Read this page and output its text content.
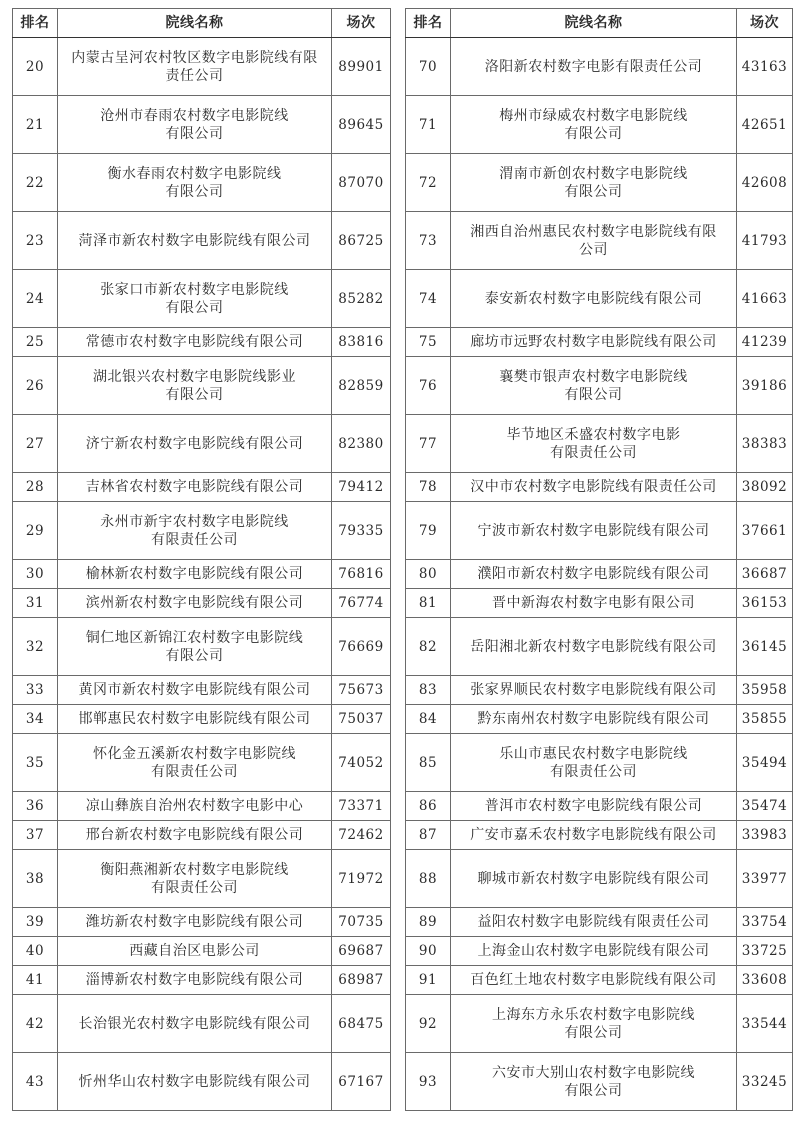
排名	院线名称	场次
20	内蒙古呈河农村牧区数字电影院线有限
责任公司	89901
21	沧州市春雨农村数字电影院线
有限公司	89645
22	衡水春雨农村数字电影院线
有限公司	87070
23	菏泽市新农村数字电影院线有限公司	86725
24	张家口市新农村数字电影院线
有限公司	85282
25	常德市农村数字电影院线有限公司	83816
26	湖北银兴农村数字电影院线影业
有限公司	82859
27	济宁新农村数字电影院线有限公司	82380
28	吉林省农村数字电影院线有限公司	79412
29	永州市新宇农村数字电影院线
有限责任公司	79335
30	榆林新农村数字电影院线有限公司	76816
31	滨州新农村数字电影院线有限公司	76774
32	铜仁地区新锦江农村数字电影院线
有限公司	76669
33	黄冈市新农村数字电影院线有限公司	75673
34	邯郸惠民农村数字电影院线有限公司	75037
35	怀化金五溪新农村数字电影院线
有限责任公司	74052
36	凉山彝族自治州农村数字电影中心	73371
37	邢台新农村数字电影院线有限公司	72462
38	衡阳燕湘新农村数字电影院线
有限责任公司	71972
39	潍坊新农村数字电影院线有限公司	70735
40	西藏自治区电影公司	69687
41	淄博新农村数字电影院线有限公司	68987
42	长治银光农村数字电影院线有限公司	68475
43	忻州华山农村数字电影院线有限公司	67167
排名	院线名称	场次
70	洛阳新农村数字电影有限责任公司	43163
71	梅州市绿威农村数字电影院线
有限公司	42651
72	渭南市新创农村数字电影院线
有限公司	42608
73	湘西自治州惠民农村数字电影院线有限
公司	41793
74	泰安新农村数字电影院线有限公司	41663
75	廊坊市远野农村数字电影院线有限公司	41239
76	襄樊市银声农村数字电影院线
有限公司	39186
77	毕节地区禾盛农村数字电影
有限责任公司	38383
78	汉中市农村数字电影院线有限责任公司	38092
79	宁波市新农村数字电影院线有限公司	37661
80	濮阳市新农村数字电影院线有限公司	36687
81	晋中新海农村数字电影有限公司	36153
82	岳阳湘北新农村数字电影院线有限公司	36145
83	张家界顺民农村数字电影院线有限公司	35958
84	黔东南州农村数字电影院线有限公司	35855
85	乐山市惠民农村数字电影院线
有限责任公司	35494
86	普洱市农村数字电影院线有限公司	35474
87	广安市嘉禾农村数字电影院线有限公司	33983
88	聊城市新农村数字电影院线有限公司	33977
89	益阳农村数字电影院线有限责任公司	33754
90	上海金山农村数字电影院线有限公司	33725
91	百色红土地农村数字电影院线有限公司	33608
92	上海东方永乐农村数字电影院线
有限公司	33544
93	六安市大别山农村数字电影院线
有限公司	33245
